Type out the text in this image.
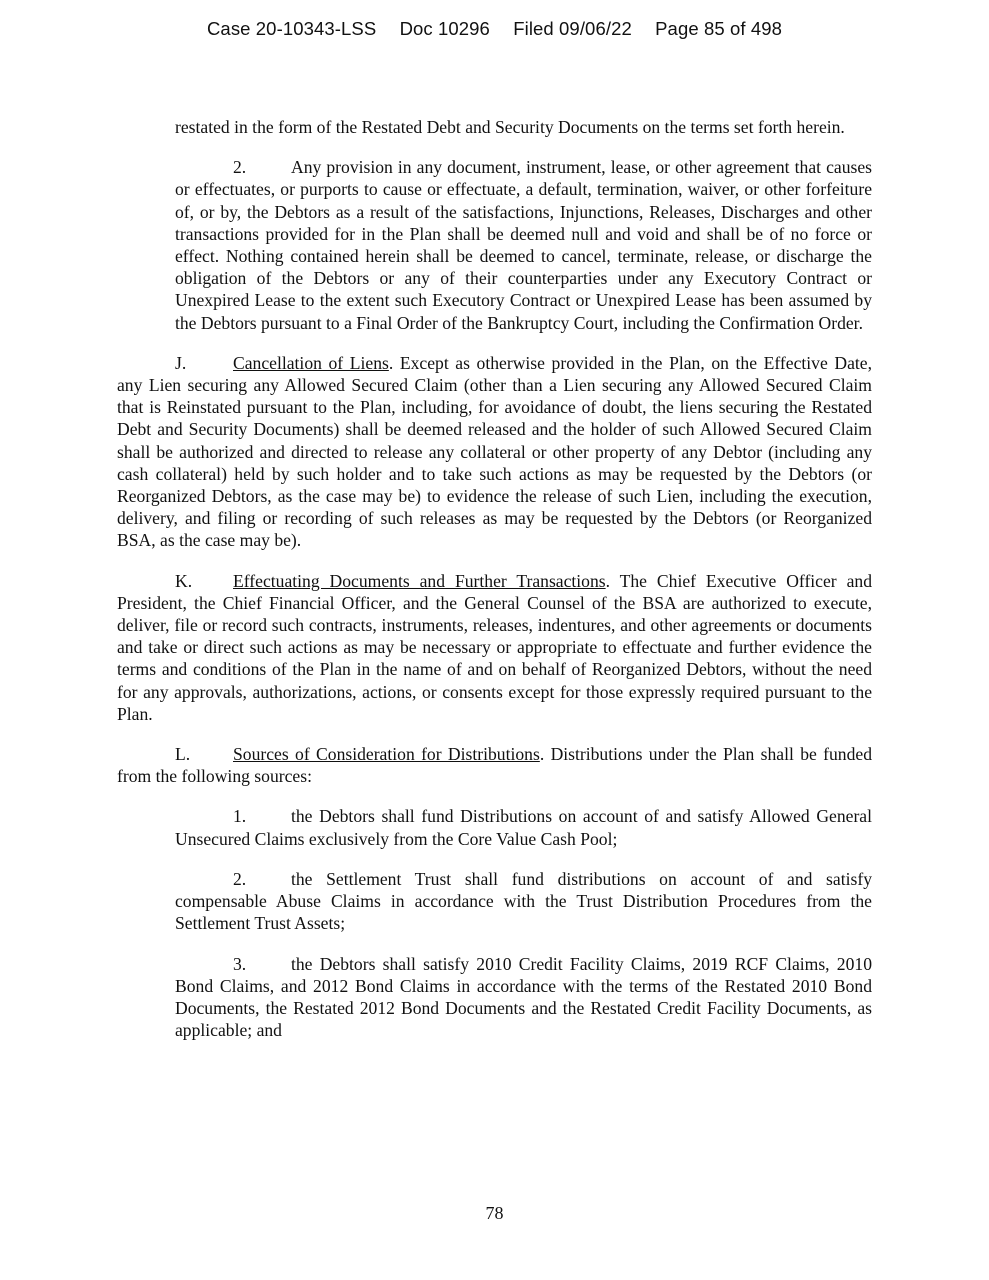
Case 20-10343-LSS Doc 10296 Filed 09/06/22 Page 85 of 498

restated in the form of the Restated Debt and Security Documents on the terms set forth herein.

2.	Any provision in any document, instrument, lease, or other agreement that causes or effectuates, or purports to cause or effectuate, a default, termination, waiver, or other forfeiture of, or by, the Debtors as a result of the satisfactions, Injunctions, Releases, Discharges and other transactions provided for in the Plan shall be deemed null and void and shall be of no force or effect. Nothing contained herein shall be deemed to cancel, terminate, release, or discharge the obligation of the Debtors or any of their counterparties under any Executory Contract or Unexpired Lease to the extent such Executory Contract or Unexpired Lease has been assumed by the Debtors pursuant to a Final Order of the Bankruptcy Court, including the Confirmation Order.

J.	Cancellation of Liens. Except as otherwise provided in the Plan, on the Effective Date, any Lien securing any Allowed Secured Claim (other than a Lien securing any Allowed Secured Claim that is Reinstated pursuant to the Plan, including, for avoidance of doubt, the liens securing the Restated Debt and Security Documents) shall be deemed released and the holder of such Allowed Secured Claim shall be authorized and directed to release any collateral or other property of any Debtor (including any cash collateral) held by such holder and to take such actions as may be requested by the Debtors (or Reorganized Debtors, as the case may be) to evidence the release of such Lien, including the execution, delivery, and filing or recording of such releases as may be requested by the Debtors (or Reorganized BSA, as the case may be).

K. Effectuating Documents and Further Transactions. The Chief Executive Officer and President, the Chief Financial Officer, and the General Counsel of the BSA are authorized to execute, deliver, file or record such contracts, instruments, releases, indentures, and other agreements or documents and take or direct such actions as may be necessary or appropriate to effectuate and further evidence the terms and conditions of the Plan in the name of and on behalf of Reorganized Debtors, without the need for any approvals, authorizations, actions, or consents except for those expressly required pursuant to the Plan.

L. Sources of Consideration for Distributions. Distributions under the Plan shall be funded from the following sources:

1.	the Debtors shall fund Distributions on account of and satisfy Allowed General Unsecured Claims exclusively from the Core Value Cash Pool;

2.	the Settlement Trust shall fund distributions on account of and satisfy compensable Abuse Claims in accordance with the Trust Distribution Procedures from the Settlement Trust Assets;

3.	the Debtors shall satisfy 2010 Credit Facility Claims, 2019 RCF Claims, 2010 Bond Claims, and 2012 Bond Claims in accordance with the terms of the Restated 2010 Bond Documents, the Restated 2012 Bond Documents and the Restated Credit Facility Documents, as applicable; and

78
